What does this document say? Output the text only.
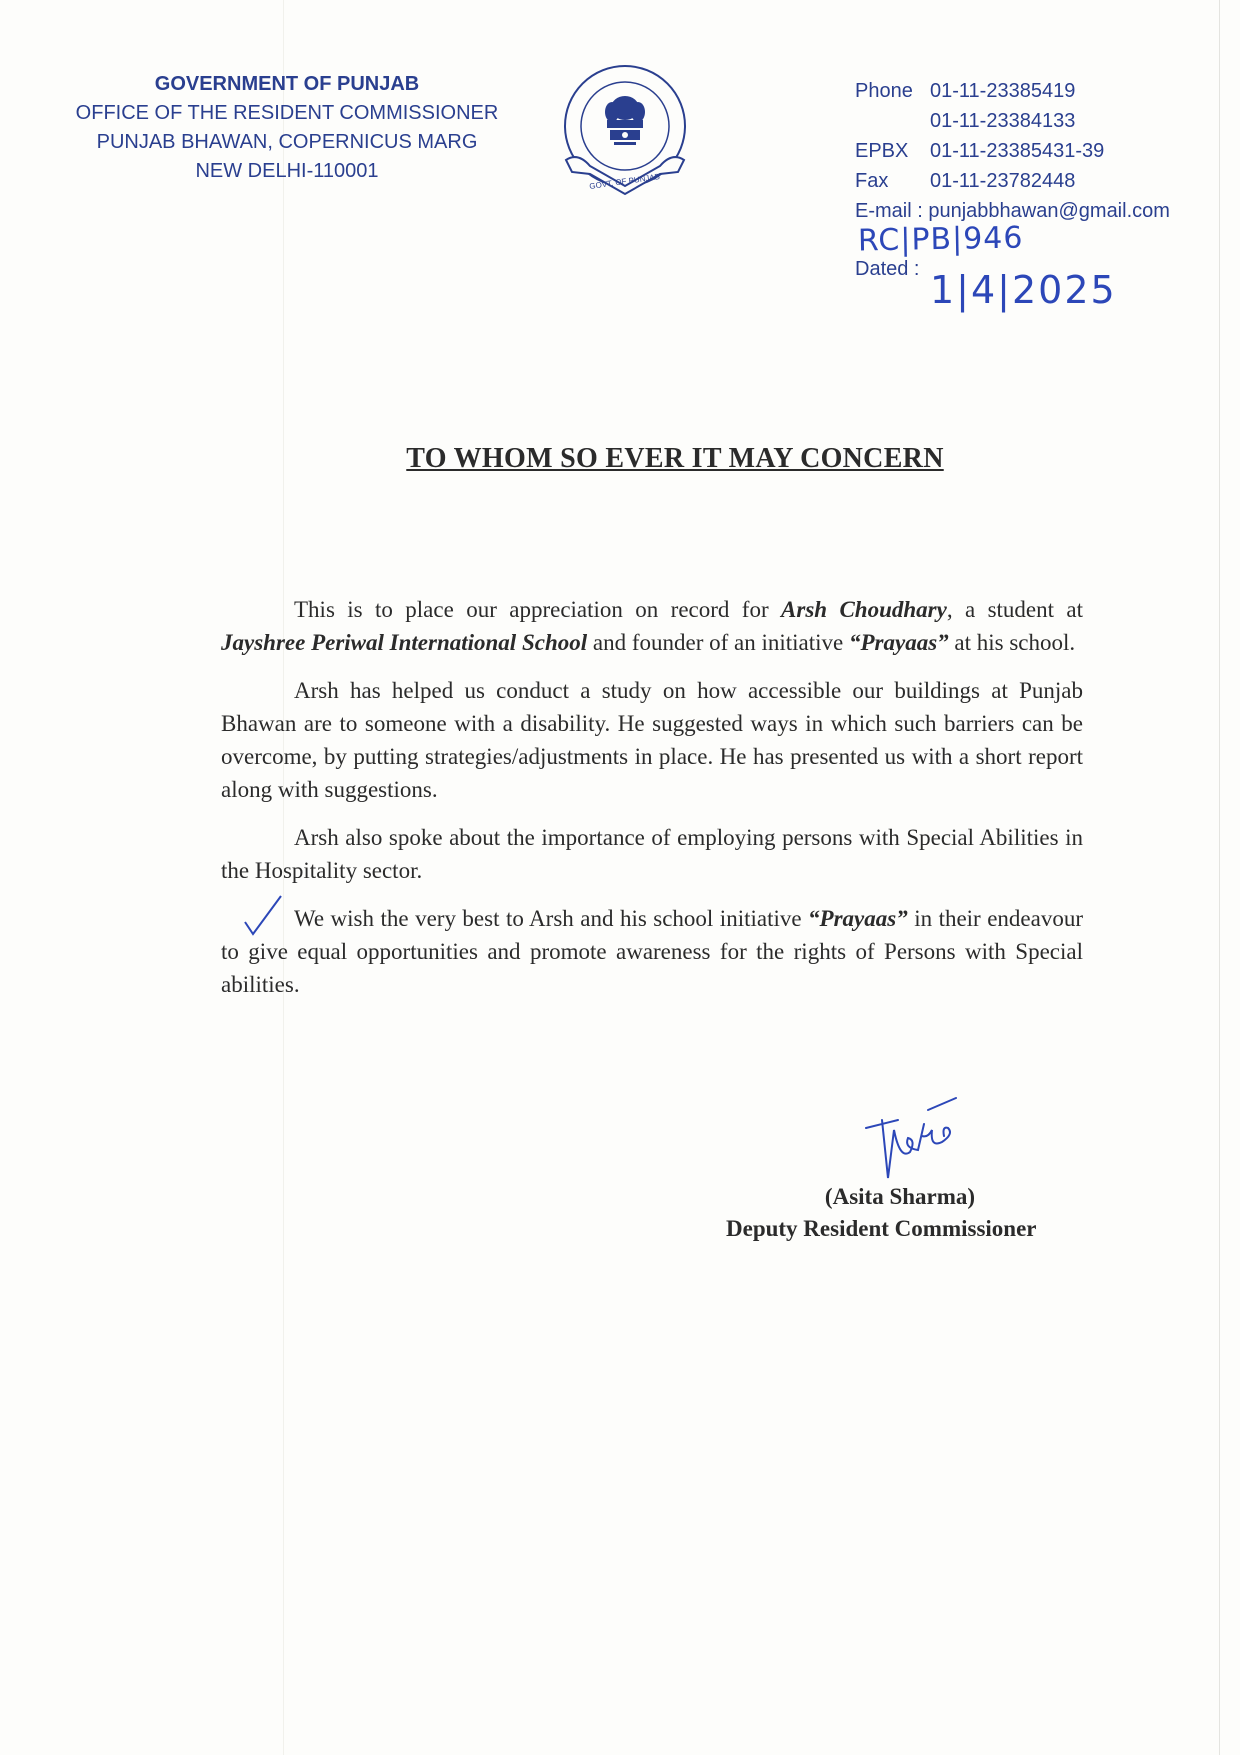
GOVERNMENT OF PUNJAB
OFFICE OF THE RESIDENT COMMISSIONER
PUNJAB BHAWAN, COPERNICUS MARG
NEW DELHI-110001	GOVT. OF PUNJAB
Phone 01-11-23385419
01-11-23384133
EPBX 01-11-23385431-39
Fax 01-11-23782448
E-mail : punjabbhawan@gmail.com
RC|PB|946
Dated : 1|4|2025
TO WHOM SO EVER IT MAY CONCERN

This is to place our appreciation on record for Arsh Choudhary, a student at Jayshree Periwal International School and founder of an initiative “Prayaas” at his school.

Arsh has helped us conduct a study on how accessible our buildings at Punjab Bhawan are to someone with a disability. He suggested ways in which such barriers can be overcome, by putting strategies/adjustments in place. He has presented us with a short report along with suggestions.

Arsh also spoke about the importance of employing persons with Special Abilities in the Hospitality sector.

We wish the very best to Arsh and his school initiative “Prayaas” in their endeavour to give equal opportunities and promote awareness for the rights of Persons with Special abilities.

(Asita Sharma)
Deputy Resident Commissioner
